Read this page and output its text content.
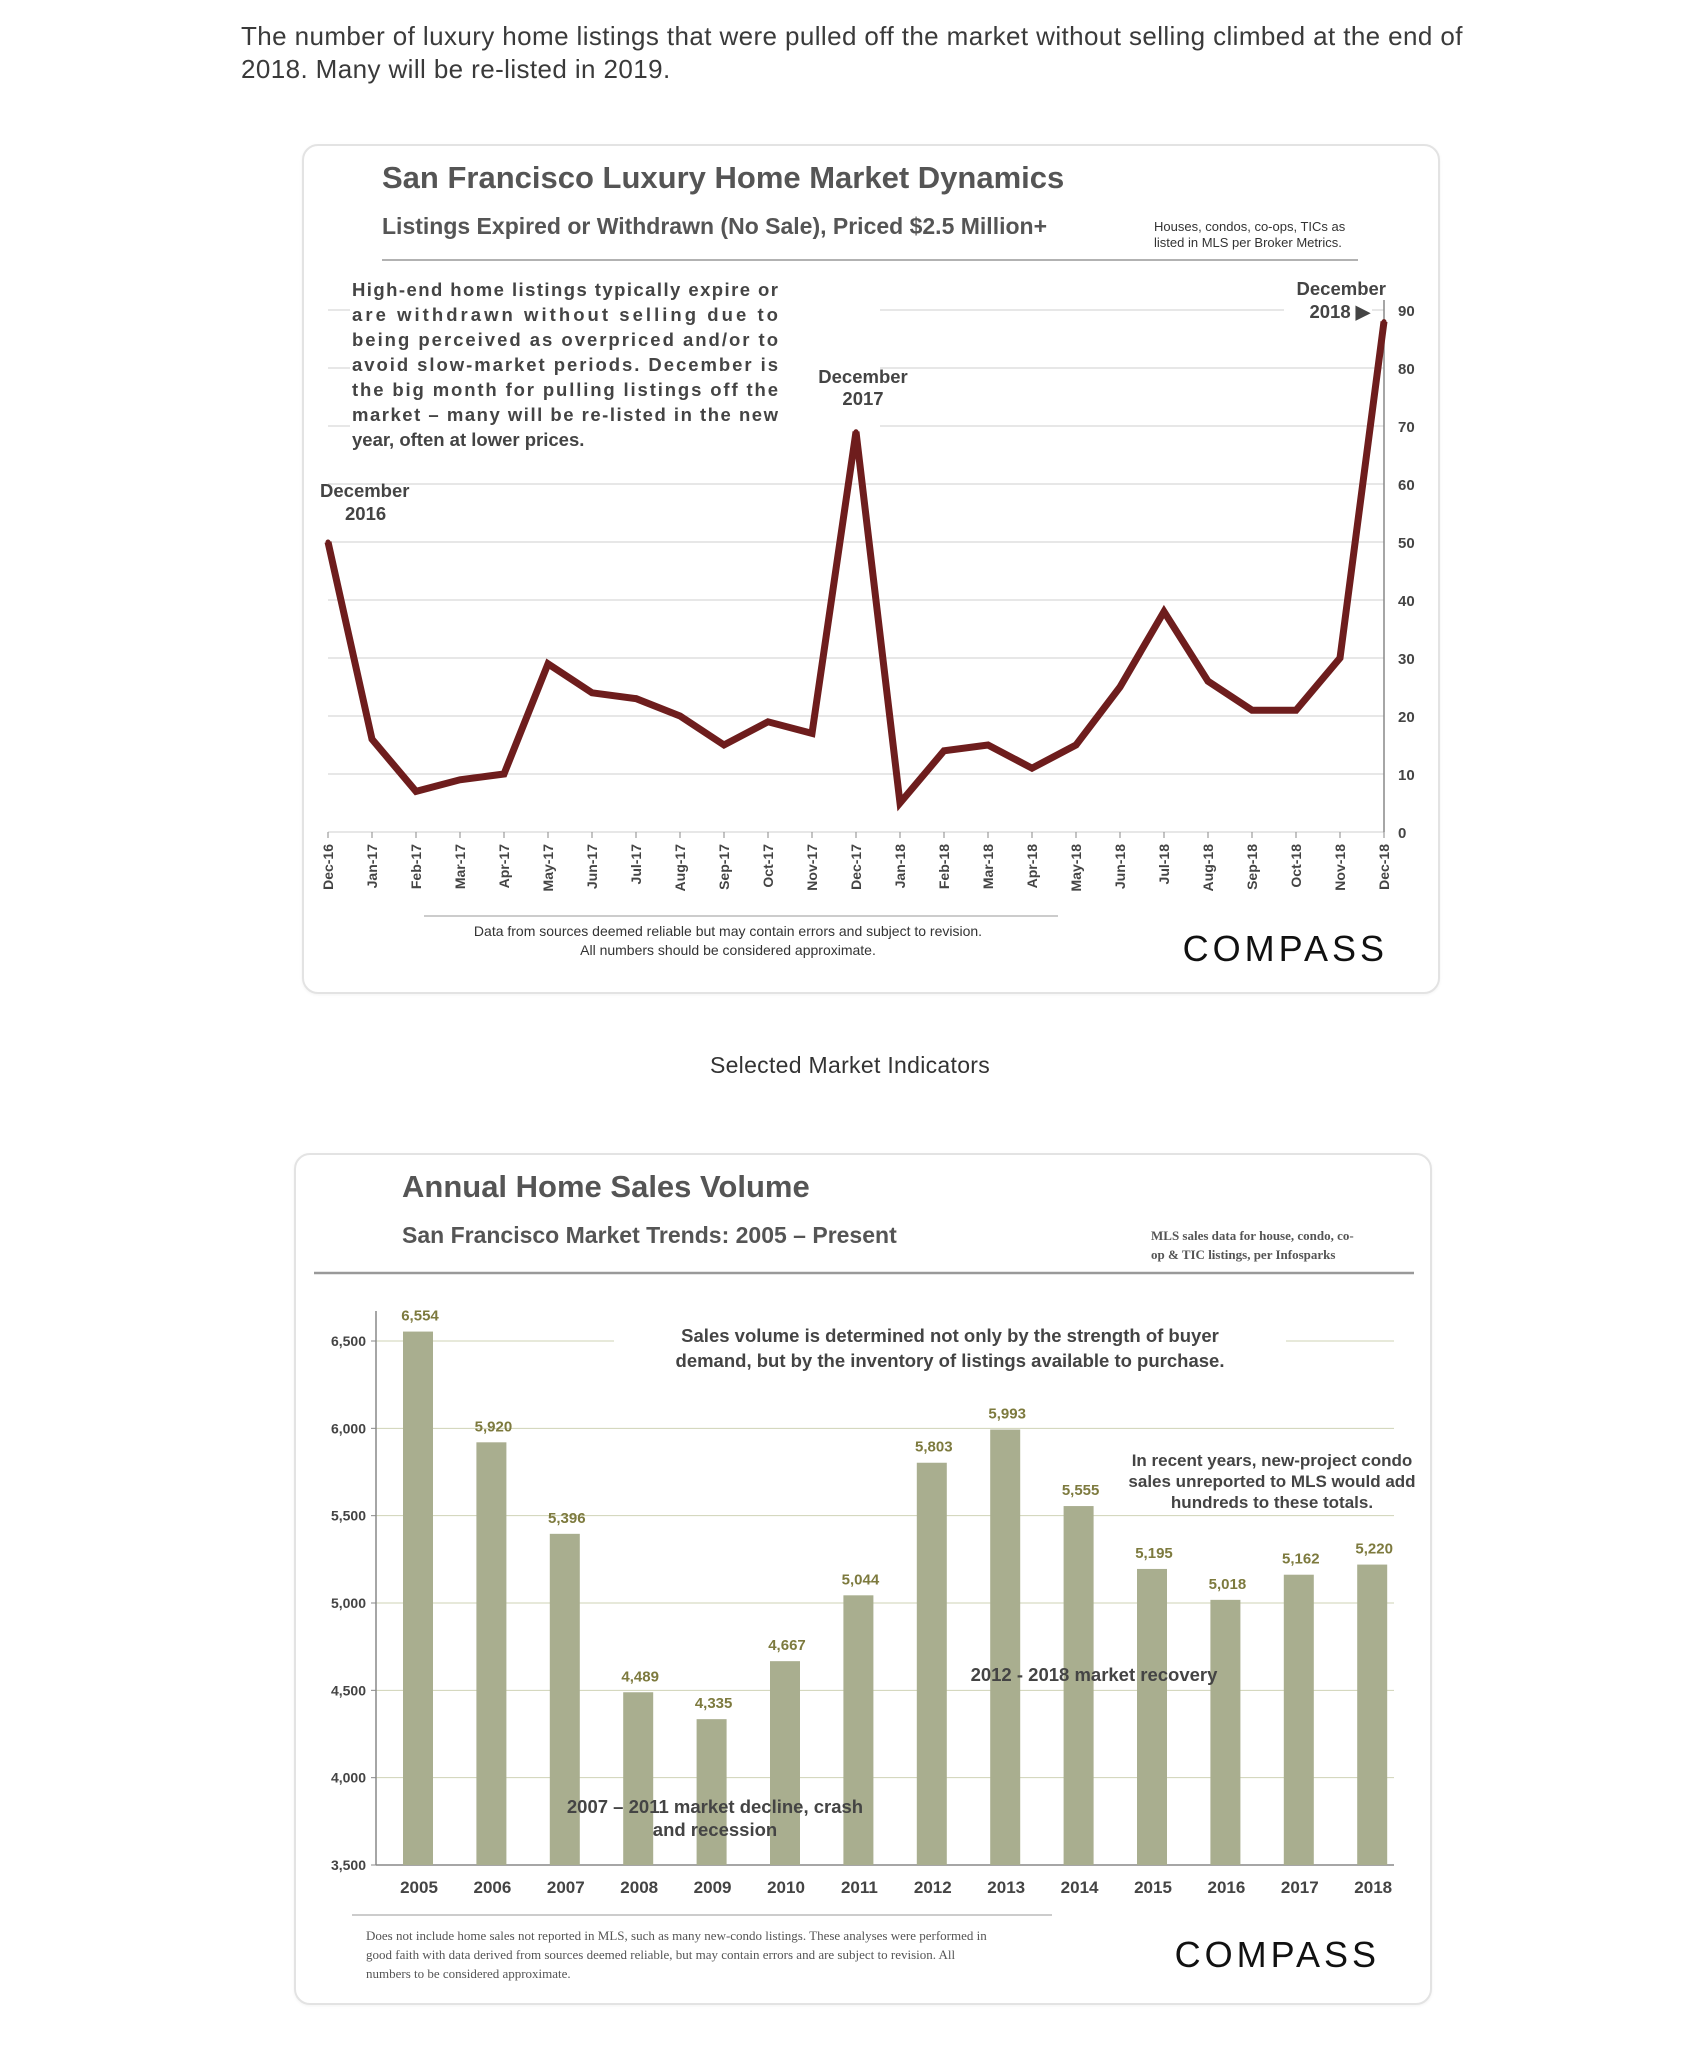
The number of luxury home listings that were pulled off the market without selling climbed at the end of 2018. Many will be re-listed in 2019.
San Francisco Luxury Home Market Dynamics
Listings Expired or Withdrawn (No Sale), Priced $2.5 Million+	Houses, condos, co-ops, TICs as
listed in MLS per Broker Metrics.
0
10
20
30
40
50
60
70
80
90
High-end home listings typically expire or
are withdrawn without selling due to
being perceived as overpriced and/or to
avoid slow-market periods. December is
the big month for pulling listings off the
market – many will be re-listed in the new
year, often at lower prices.
December
2016
December
2017
December
2018 ▶
Dec-16 Jan-17 Feb-17 Mar-17 Apr-17 May-17 Jun-17 Jul-17 Aug-17 Sep-17 Oct-17 Nov-17 Dec-17 Jan-18 Feb-18 Mar-18 Apr-18 May-18 Jun-18 Jul-18 Aug-18 Sep-18 Oct-18 Nov-18 Dec-18
Data from sources deemed reliable but may contain errors and subject to revision.
All numbers should be considered approximate.	COMPASS
Selected Market Indicators
Annual Home Sales Volume
San Francisco Market Trends: 2005 – Present	MLS sales data for house, condo, co-
op & TIC listings, per Infosparks
3,500
4,000
4,500
5,000
5,500
6,000
6,500
6,554
5,920
5,396
4,489
4,335
4,667
5,044
5,803
5,993
5,555
5,195
5,018
5,162
5,220
2005 2006 2007 2008 2009 2010 2011 2012 2013 2014 2015 2016 2017 2018
Sales volume is determined not only by the strength of buyer
demand, but by the inventory of listings available to purchase.
In recent years, new-project condo
sales unreported to MLS would add
hundreds to these totals.
2012 - 2018 market recovery
2007 – 2011 market decline, crash
and recession
Does not include home sales not reported in MLS, such as many new-condo listings. These analyses were performed in
good faith with data derived from sources deemed reliable, but may contain errors and are subject to revision. All
numbers to be considered approximate.	COMPASS
